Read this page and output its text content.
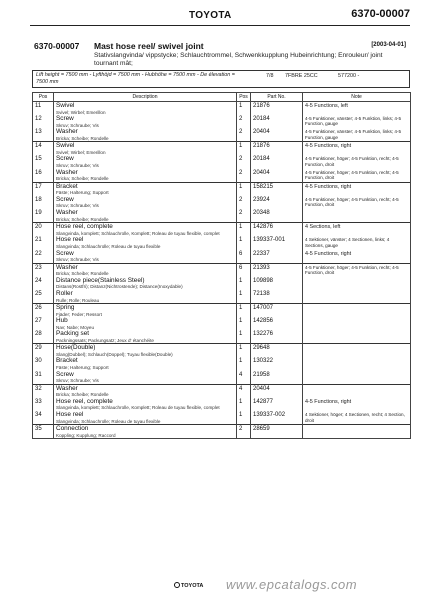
TOYOTA	6370-00007
6370-00007 Mast hose reel/ swivel joint	[2003-04-01]
Stativslangvinda/ vippstycke; Schlauchtrommel, Schwenkkupplung Hubeinrichtung; Enrouleur/ joint tournant mât;
Lift height = 7500 mm - Lyfthöjd = 7500 mm - Hubhöhe = 7500 mm - De élevation = 7500 mm
7/8 7FBRE 25CC	577200 -
Pos	Description	Pos	Part No.	Note
11	Swivel
Svivel; Wirbel; Emerillon	1	21876	4-5 Functions, left

12	Screw
Skruv; Schraube; Vis	2	20184	4-5 Funktioner, vänster; 4-5 Funktion, links; 4-5 Function, gauge

13	Washer
Bricka; Scheibe; Rondelle	2	20404	4-5 Funktioner, vänster; 4-5 Funktion, links; 4-5 Function, gauge

14	Swivel
Svivel; Wirbel; Emerillon	1	21876	4-5 Functions, right

15	Screw
Skruv; Schraube; Vis	2	20184	4-5 Funktioner, höger; 4-5 Funktion, recht; 4-5 Function, droit

16	Washer
Bricka; Scheibe; Rondelle	2	20404	4-5 Funktioner, höger; 4-5 Funktion, recht; 4-5 Function, droit

17	Bracket
Fäste; Halterung; Support	1	158215	4-5 Functions, right

18	Screw
Skruv; Schraube; Vis	2	23924	4-5 Funktioner, höger; 4-5 Funktion, recht; 4-5 Function, droit

19	Washer
Bricka; Scheibe; Rondelle	2	20348	

20	Hose reel, complete
Slangvinda, komplett; Schlauchrolle, Komplett; Roleau de tuyau flexible, complet	1	142876	4 Sections, left

21	Hose reel
Slangvinda; Schlauchrolle; Roleau de tuyau flexible	1	139337-001	4 Sektioner, vänster; 4 Sectionen, links; 4 Sections, gauge

22	Screw
Skruv; Schraube; Vis	6	22337	4-5 Functions, right

23	Washer
Bricka; Scheibe; Rondelle	6	21393	4-5 Funktioner, höger; 4-5 Funktion, recht; 4-5 Function, droit

24	Distance piece(Stainless Steel)
Distans(Rostfri); Distanz(Nichtrostende); Distance(Inoxydable)	1	109898	

25	Roller
Rulle; Rolle; Rouleau	1	72138	

26	Spring
Fjäder; Feder; Ressort	1	147007	

27	Hub
Nav; Nabe; Moyeu	1	142856	

28	Packing set
Packningssats; Packungsatz; Jeux d' étanchéite	1	132276	

29	Hose(Double)
Slang(Dubbel); Schlauch(Doppel); Tuyau flexible(Double)	1	29648	

30	Bracket
Fäste; Halterung; Support	1	130322	

31	Screw
Skruv; Schraube; Vis	4	21958	

32	Washer
Bricka; Scheibe; Rondelle	4	20404	

33	Hose reel, complete
Slangvinda, komplett; Schlauchrolle, Komplett; Roleau de tuyau flexible, complet	1	142877	4-5 Functions, right

34	Hose reel
Slangvinda; Schlauchrolle; Roleau de tuyau flexible	1	139337-002	4 Sektioner, höger; 4 Sectionen, recht; 4 Section, droit

35	Connection
Koppling; Kupplung; Raccord	2	28659	
TOYOTA www.epcatalogs.com
